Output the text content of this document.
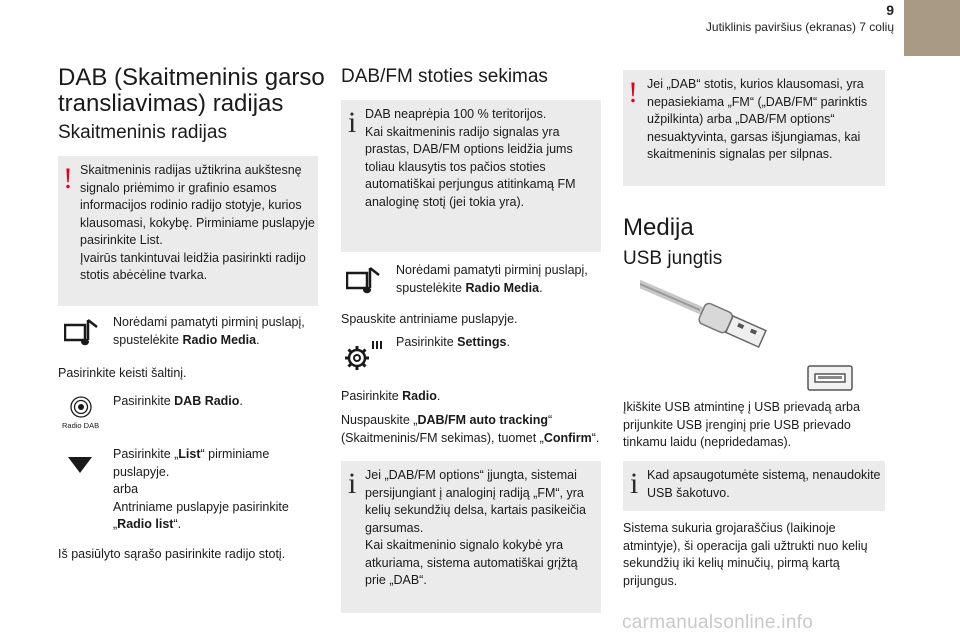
9
Jutiklinis paviršius (ekranas) 7 colių
DAB (Skaitmeninis garso
transliavimas) radijas
Skaitmeninis radijas
! Skaitmeninis radijas užtikrina aukštesnę
signalo priėmimo ir grafinio esamos
informacijos rodinio radijo stotyje, kurios
klausomasi, kokybę. Pirminiame puslapyje
pasirinkite List.
Įvairūs tankintuvai leidžia pasirinkti radijo
stotis abėcėline tvarka.
Norėdami pamatyti pirminį puslapį,
spustelėkite Radio Media.
Pasirinkite keisti šaltinį.
Radio DAB
Pasirinkite DAB Radio.
Pasirinkite „List“ pirminiame
puslapyje.
arba
Antriniame puslapyje pasirinkite
„Radio list“.
Iš pasiūlyto sąrašo pasirinkite radijo stotį.
DAB/FM stoties sekimas
i DAB neaprėpia 100 % teritorijos.
Kai skaitmeninis radijo signalas yra
prastas, DAB/FM options leidžia jums
toliau klausytis tos pačios stoties
automatiškai perjungus atitinkamą FM
analoginę stotį (jei tokia yra).
Norėdami pamatyti pirminį puslapį,
spustelėkite Radio Media.
Spauskite antriniame puslapyje.
Pasirinkite Settings.
Pasirinkite Radio.
Nuspauskite „DAB/FM auto tracking“
(Skaitmeninis/FM sekimas), tuomet „Confirm“.
i Jei „DAB/FM options“ įjungta, sistemai
persijungiant į analoginį radiją „FM“, yra
kelių sekundžių delsa, kartais pasikeičia
garsumas.
Kai skaitmeninio signalo kokybė yra
atkuriama, sistema automatiškai grįžtą
prie „DAB“.
! Jei „DAB“ stotis, kurios klausomasi, yra
nepasiekiama „FM“ („DAB/FM“ parinktis
užpilkinta) arba „DAB/FM options“
nesuaktyvinta, garsas išjungiamas, kai
skaitmeninis signalas per silpnas.
Medija
USB jungtis
Įkiškite USB atmintinę į USB prievadą arba
prijunkite USB įrenginį prie USB prievado
tinkamu laidu (nepridedamas).
i Kad apsaugotumėte sistemą, nenaudokite
USB šakotuvo.
Sistema sukuria grojaraščius (laikinoje
atmintyje), ši operacija gali užtrukti nuo kelių
sekundžių iki kelių minučių, pirmą kartą
prijungus.
carmanualsonline.info
